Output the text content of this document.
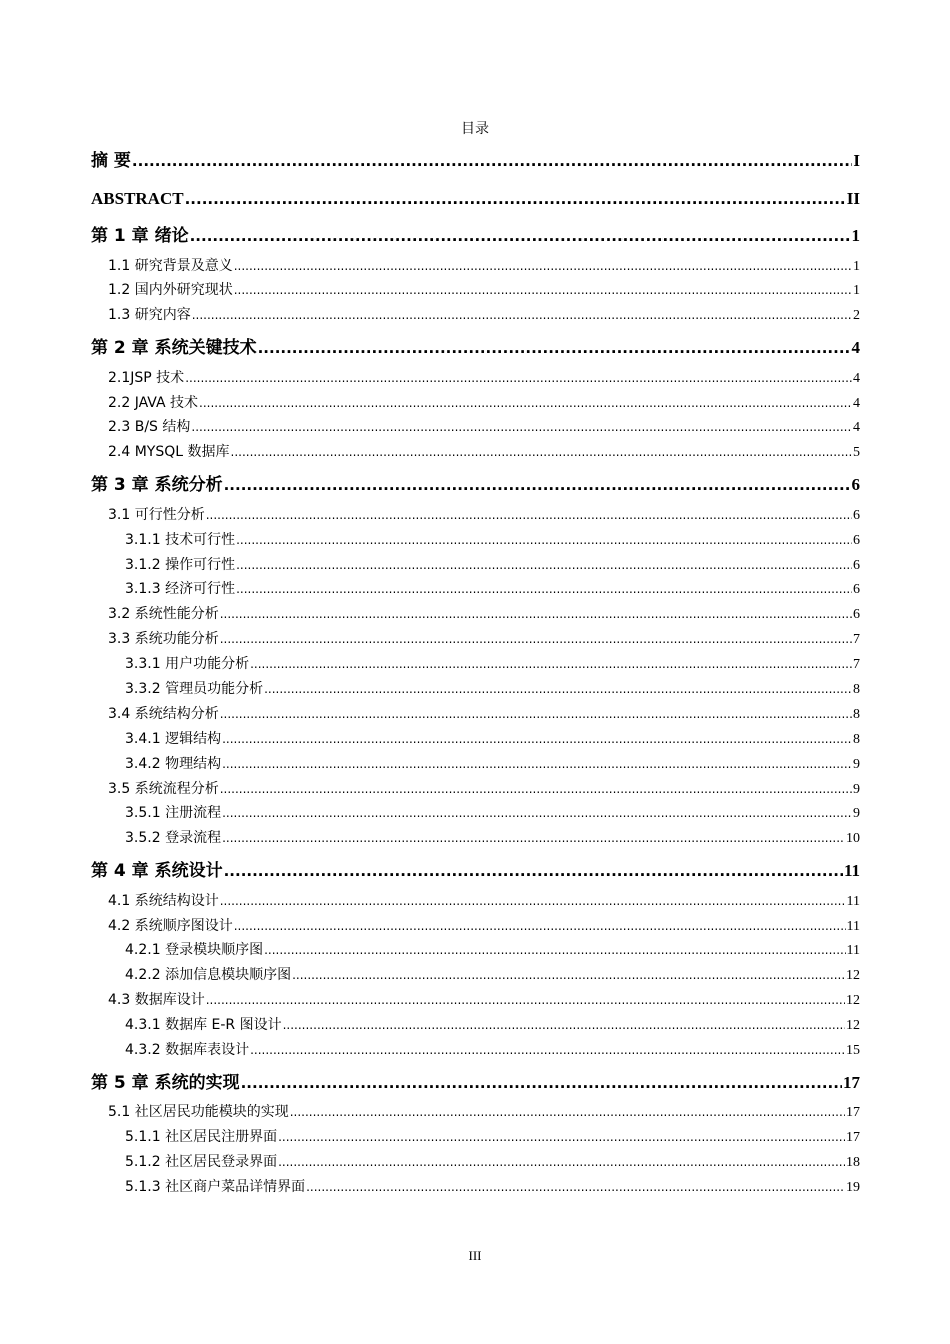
目录
摘 要 .....	I
ABSTRACT .....	II
第 1 章 绪论 .....	1
1.1 研究背景及意义 .....	1
1.2 国内外研究现状 .....	1
1.3 研究内容 .....	2
第 2 章 系统关键技术 .....	4
2.1JSP 技术 .....	4
2.2 JAVA 技术 .....	4
2.3 B/S 结构 .....	4
2.4 MYSQL 数据库 .....	5
第 3 章 系统分析 .....	6
3.1 可行性分析 .....	6
3.1.1 技术可行性 .....	6
3.1.2 操作可行性 .....	6
3.1.3 经济可行性 .....	6
3.2 系统性能分析 .....	6
3.3 系统功能分析 .....	7
3.3.1 用户功能分析 .....	7
3.3.2 管理员功能分析 .....	8
3.4 系统结构分析 .....	8
3.4.1 逻辑结构 .....	8
3.4.2 物理结构 .....	9
3.5 系统流程分析 .....	9
3.5.1 注册流程 .....	9
3.5.2 登录流程 .....	10
第 4 章 系统设计 .....	11
4.1 系统结构设计 .....	11
4.2 系统顺序图设计 .....	11
4.2.1 登录模块顺序图 .....	11
4.2.2 添加信息模块顺序图 .....	12
4.3 数据库设计 .....	12
4.3.1 数据库 E-R 图设计 .....	12
4.3.2 数据库表设计 .....	15
第 5 章 系统的实现 .....	17
5.1 社区居民功能模块的实现 .....	17
5.1.1 社区居民注册界面 .....	17
5.1.2 社区居民登录界面 .....	18
5.1.3 社区商户菜品详情界面 .....	19
III
